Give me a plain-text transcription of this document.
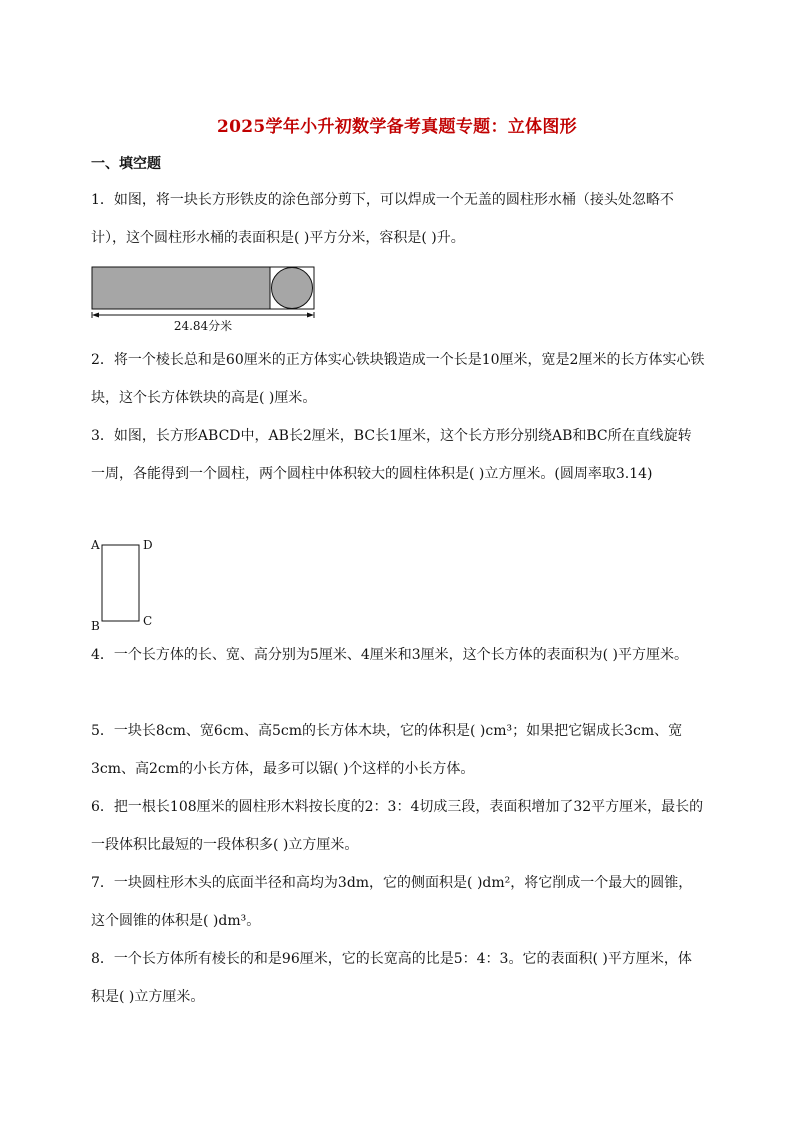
2025学年小升初数学备考真题专题：立体图形
一、填空题
1．如图，将一块长方形铁皮的涂色部分剪下，可以焊成一个无盖的圆柱形水桶（接头处忽略不计），这个圆柱形水桶的表面积是( )平方分米，容积是( )升。
24.84分米
2．将一个棱长总和是60厘米的正方体实心铁块锻造成一个长是10厘米，宽是2厘米的长方体实心铁块，这个长方体铁块的高是( )厘米。
3．如图，长方形ABCD中，AB长2厘米，BC长1厘米，这个长方形分别绕AB和BC所在直线旋转一周，各能得到一个圆柱，两个圆柱中体积较大的圆柱体积是( )立方厘米。(圆周率取3.14)
A	D
B	C
4．一个长方体的长、宽、高分别为5厘米、4厘米和3厘米，这个长方体的表面积为( )平方厘米。
5．一块长8cm、宽6cm、高5cm的长方体木块，它的体积是( )cm³；如果把它锯成长3cm、宽3cm、高2cm的小长方体，最多可以锯( )个这样的小长方体。
6．把一根长108厘米的圆柱形木料按长度的2：3：4切成三段，表面积增加了32平方厘米，最长的一段体积比最短的一段体积多( )立方厘米。
7．一块圆柱形木头的底面半径和高均为3dm，它的侧面积是( )dm²，将它削成一个最大的圆锥，这个圆锥的体积是( )dm³。
8．一个长方体所有棱长的和是96厘米，它的长宽高的比是5：4：3。它的表面积( )平方厘米，体积是( )立方厘米。
